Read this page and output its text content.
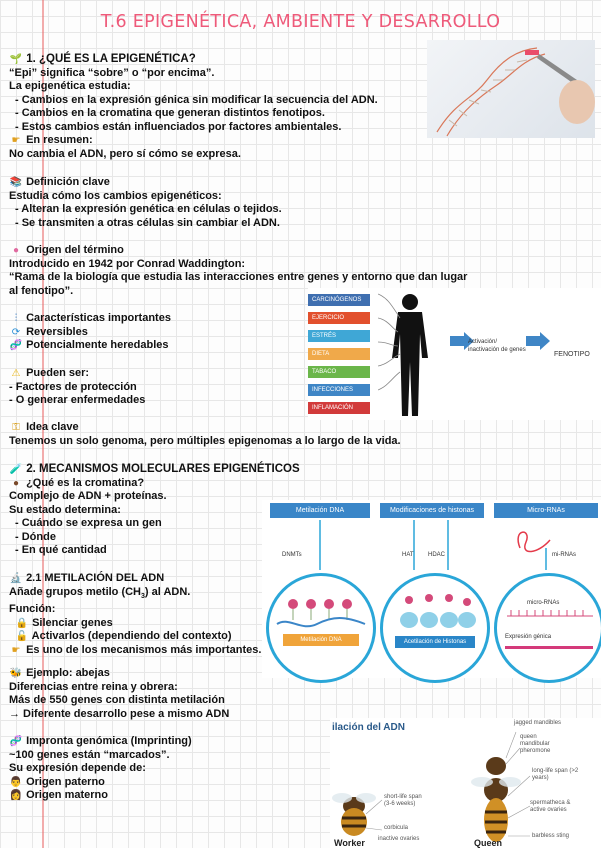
T.6 EPIGENÉTICA, AMBIENTE Y DESARROLLO
🌱 1. ¿QUÉ ES LA EPIGENÉTICA?
“Epi” significa “sobre” o “por encima”.
La epigenética estudia:
- Cambios en la expresión génica sin modificar la secuencia del ADN.
- Cambios en la cromatina que generan distintos fenotipos.
- Estos cambios están influenciados por factores ambientales.
☛ En resumen:
No cambia el ADN, pero sí cómo se expresa.
📚 Definición clave
Estudia cómo los cambios epigenéticos:
- Alteran la expresión genética en células o tejidos.
- Se transmiten a otras células sin cambiar el ADN.
● Origen del término
Introducido en 1942 por Conrad Waddington:
“Rama de la biología que estudia las interacciones entre genes y entorno que dan lugar
al fenotipo”.
⫶ Características importantes
⟳ Reversibles
🧬 Potencialmente heredables
⚠ Pueden ser:
- Factores de protección
- O generar enfermedades
⚿ Idea clave
Tenemos un solo genoma, pero múltiples epigenomas a lo largo de la vida.
CARCINÓGENOS
EJERCICIO
ESTRÉS
DIETA
TABACO
INFECCIONES
INFLAMACIÓN
Activación/ inactivación de genes
FENOTIPO
🧪 2. MECANISMOS MOLECULARES EPIGENÉTICOS
● ¿Qué es la cromatina?
Complejo de ADN + proteínas.
Su estado determina:
- Cuándo se expresa un gen
- Dónde
- En qué cantidad
🔬 2.1 METILACIÓN DEL ADN
Añade grupos metilo $(CH_3)$ al ADN.
Función:
🔒 Silenciar genes
🔓 Activarlos (dependiendo del contexto)
☛ Es uno de los mecanismos más importantes.
Metilación DNA	Modificaciones de histonas	Micro-RNAs
DNMTs	HAT HDAC	mi-RNAs
Metilación DNA	Acetilación de Histonas
micro-RNAs
Expresión génica
🐝 Ejemplo: abejas
Diferencias entre reina y obrera:
Más de 550 genes con distinta metilación
→ Diferente desarrollo pese a mismo ADN
🧬 Impronta genómica (Imprinting)
~100 genes están “marcados”.
Su expresión depende de:
👨 Origen paterno
👩 Origen materno
ilación del ADN	jagged mandibles
queen mandibular pheromone
long-life span (>2 years)
spermatheca & active ovaries
barbless sting
short-life span (3-6 weeks)
corbicula
inactive ovaries
Worker	Queen
